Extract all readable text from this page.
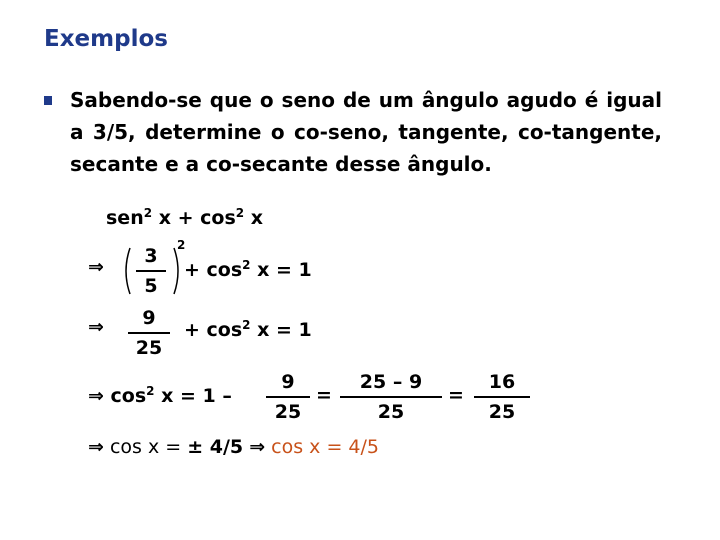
Exemplos
Sabendo-se que o seno de um ângulo agudo é igual a 3/5, determine o co-seno, tangente, co-tangente, secante e a co-secante desse ângulo.
sen$^2$ $x + \cos^2 x$
⇒	3
5
2
+ $\cos^2 x = 1$
⇒	9
25
+ $\cos^2 x = 1$
⇒ $\cos^2 x = 1$ –
9
25
=
25 – 9
25
=
16
25
⇒ cos x = ± 4/5 ⇒ cos x = 4/5
